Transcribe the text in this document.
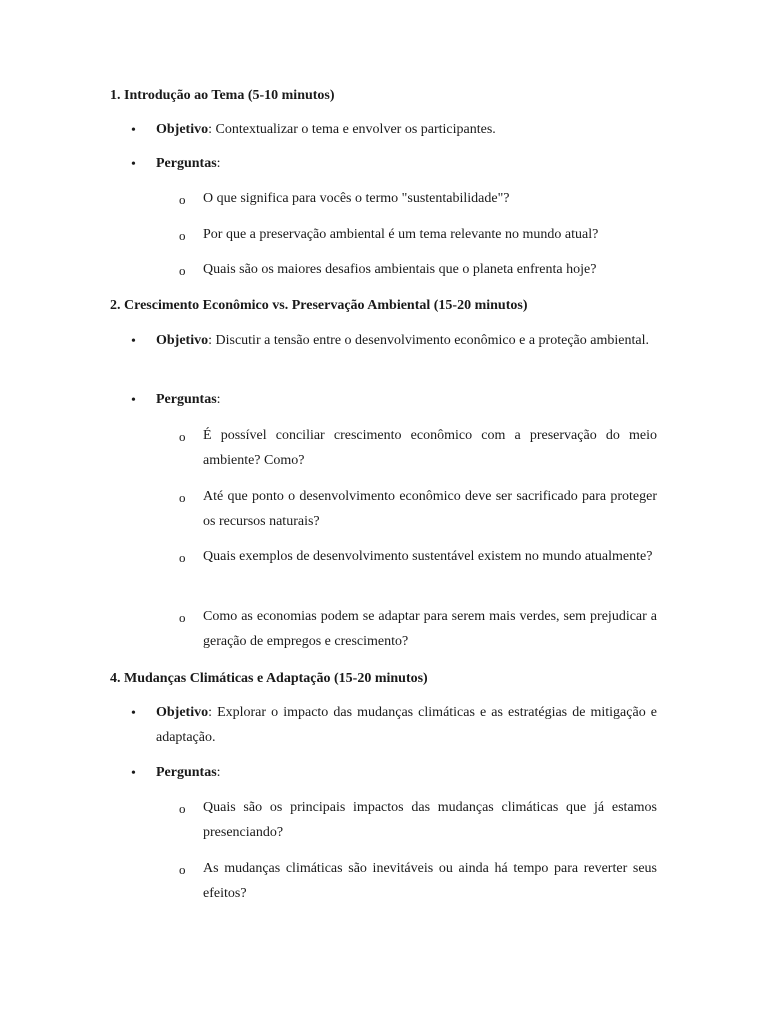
1. Introdução ao Tema (5-10 minutos)
• Objetivo: Contextualizar o tema e envolver os participantes.
• Perguntas:
o O que significa para vocês o termo "sustentabilidade"?
o Por que a preservação ambiental é um tema relevante no mundo atual?
o Quais são os maiores desafios ambientais que o planeta enfrenta hoje?
2. Crescimento Econômico vs. Preservação Ambiental (15-20 minutos)
• Objetivo: Discutir a tensão entre o desenvolvimento econômico e a proteção ambiental.
• Perguntas:
o É possível conciliar crescimento econômico com a preservação do meio ambiente? Como?
o Até que ponto o desenvolvimento econômico deve ser sacrificado para proteger os recursos naturais?
o Quais exemplos de desenvolvimento sustentável existem no mundo atualmente?
o Como as economias podem se adaptar para serem mais verdes, sem prejudicar a geração de empregos e crescimento?
4. Mudanças Climáticas e Adaptação (15-20 minutos)
• Objetivo: Explorar o impacto das mudanças climáticas e as estratégias de mitigação e adaptação.
• Perguntas:
o Quais são os principais impactos das mudanças climáticas que já estamos presenciando?
o As mudanças climáticas são inevitáveis ou ainda há tempo para reverter seus efeitos?
